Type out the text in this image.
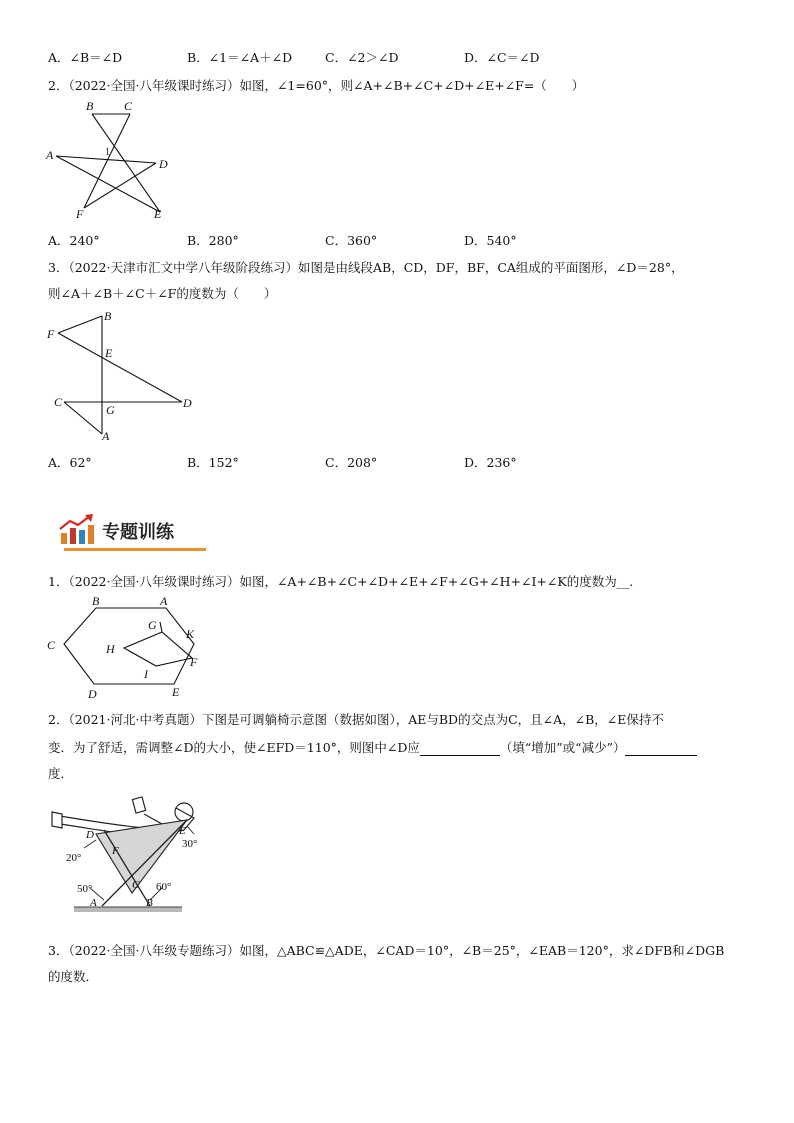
A．∠B＝∠D	B．∠1＝∠A＋∠D	C．∠2＞∠D	D．∠C＝∠D
2．（2022·全国·八年级课时练习）如图，∠1=60°，则∠A+∠B+∠C+∠D+∠E+∠F=（　　）
B	C
A	1
D
F	E
A．240°	B．280°	C．360°	D．540°
3．（2022·天津市汇文中学八年级阶段练习）如图是由线段AB，CD，DF，BF，CA组成的平面图形，∠D＝28°，
则∠A＋∠B＋∠C＋∠F的度数为（　　）
F
B
E
C
G	D
A
A．62°	B．152°	C．208°	D．236°
专题训练
1．（2022·全国·八年级课时练习）如图，∠A+∠B+∠C+∠D+∠E+∠F+∠G+∠H+∠I+∠K的度数为__.
B	A
C
G
K
H
F
I
D	E
2．（2021·河北·中考真题）下图是可调躺椅示意图（数据如图），AE与BD的交点为C，且∠A，∠B，∠E保持不
变．为了舒适，需调整∠D的大小，使∠EFD＝110°，则图中∠D应	（填“增加”或“减少”）
度．
D	E
F
C
A	B
20°
30°
50°	60°
3．（2022·全国·八年级专题练习）如图，△ABC≌△ADE，∠CAD＝10°，∠B＝25°，∠EAB＝120°，求∠DFB和∠DGB
的度数．
